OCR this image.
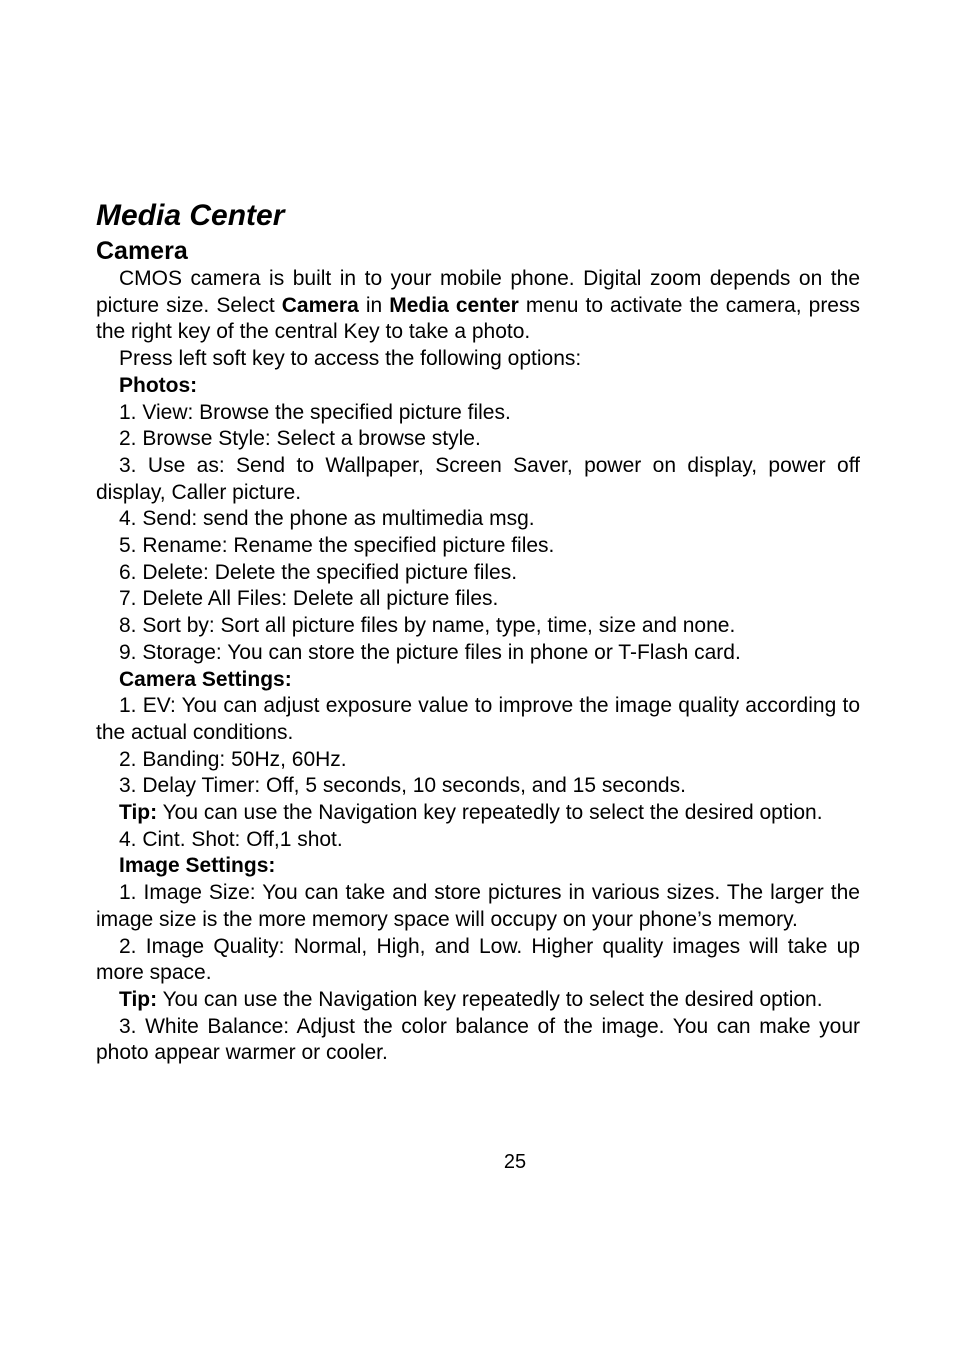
Media Center
Camera

CMOS camera is built in to your mobile phone. Digital zoom depends on the picture size. Select Camera in Media center menu to activate the camera, press the right key of the central Key to take a photo.

Press left soft key to access the following options:

Photos:

1. View: Browse the specified picture files.

2. Browse Style: Select a browse style.

3. Use as: Send to Wallpaper, Screen Saver, power on display, power off display, Caller picture.

4. Send: send the phone as multimedia msg.

5. Rename: Rename the specified picture files.

6. Delete: Delete the specified picture files.

7. Delete All Files: Delete all picture files.

8. Sort by: Sort all picture files by name, type, time, size and none.

9. Storage: You can store the picture files in phone or T-Flash card.

Camera Settings:

1. EV: You can adjust exposure value to improve the image quality according to the actual conditions.

2. Banding: 50Hz, 60Hz.

3. Delay Timer: Off, 5 seconds, 10 seconds, and 15 seconds.

Tip: You can use the Navigation key repeatedly to select the desired option.

4. Cint. Shot: Off,1 shot.

Image Settings:

1. Image Size: You can take and store pictures in various sizes. The larger the image size is the more memory space will occupy on your phone’s memory.

2. Image Quality: Normal, High, and Low. Higher quality images will take up more space.

Tip: You can use the Navigation key repeatedly to select the desired option.

3. White Balance: Adjust the color balance of the image. You can make your photo appear warmer or cooler.

25
